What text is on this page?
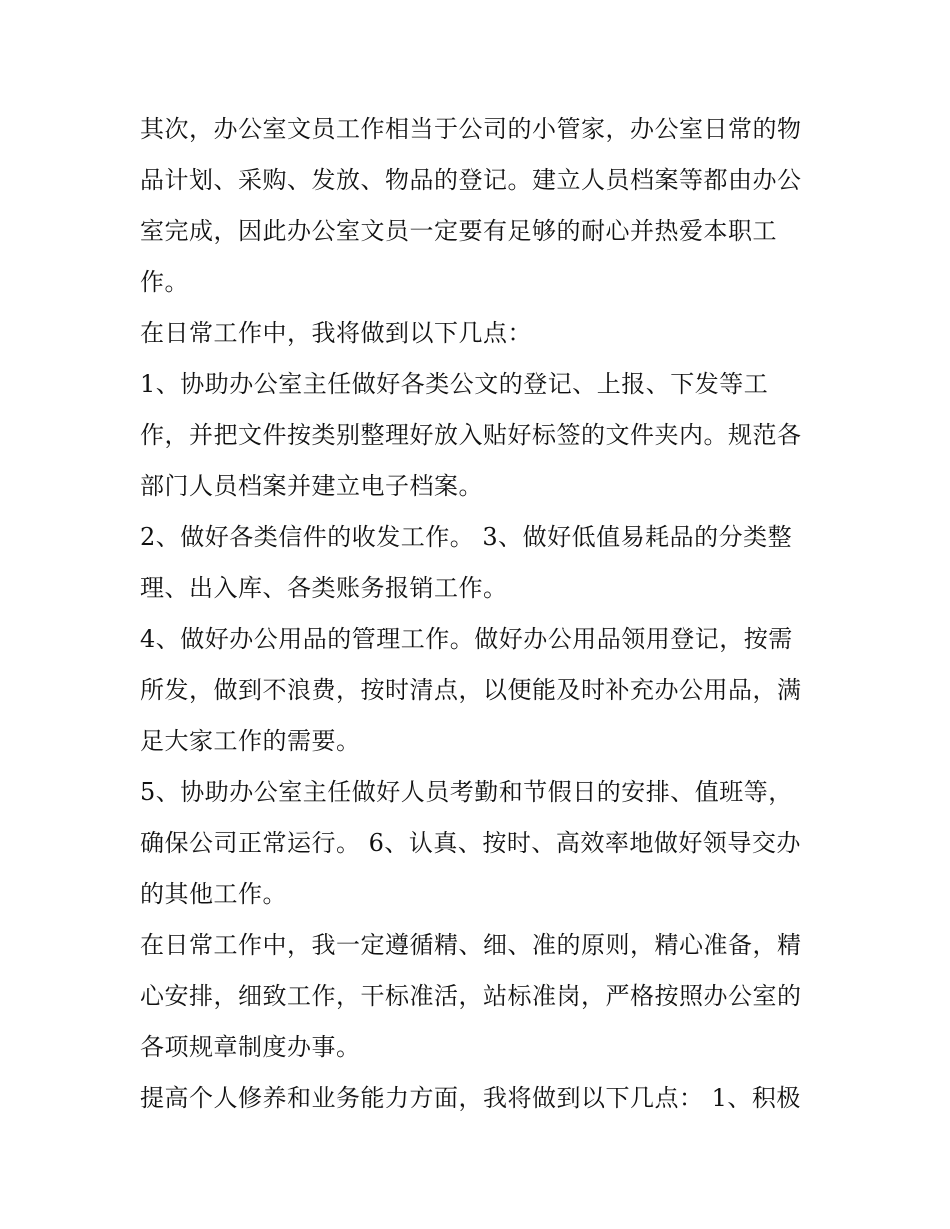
其次，办公室文员工作相当于公司的小管家，办公室日常的物
品计划、采购、发放、物品的登记。建立人员档案等都由办公
室完成，因此办公室文员一定要有足够的耐心并热爱本职工
作。

在日常工作中，我将做到以下几点：

1、协助办公室主任做好各类公文的登记、上报、下发等工
作，并把文件按类别整理好放入贴好标签的文件夹内。规范各
部门人员档案并建立电子档案。

2、做好各类信件的收发工作。 3、做好低值易耗品的分类整
理、出入库、各类账务报销工作。

4、做好办公用品的管理工作。做好办公用品领用登记，按需
所发，做到不浪费，按时清点，以便能及时补充办公用品，满
足大家工作的需要。

5、协助办公室主任做好人员考勤和节假日的安排、值班等，
确保公司正常运行。 6、认真、按时、高效率地做好领导交办
的其他工作。

在日常工作中，我一定遵循精、细、准的原则，精心准备，精
心安排，细致工作，干标准活，站标准岗，严格按照办公室的
各项规章制度办事。

提高个人修养和业务能力方面，我将做到以下几点： 1、积极
